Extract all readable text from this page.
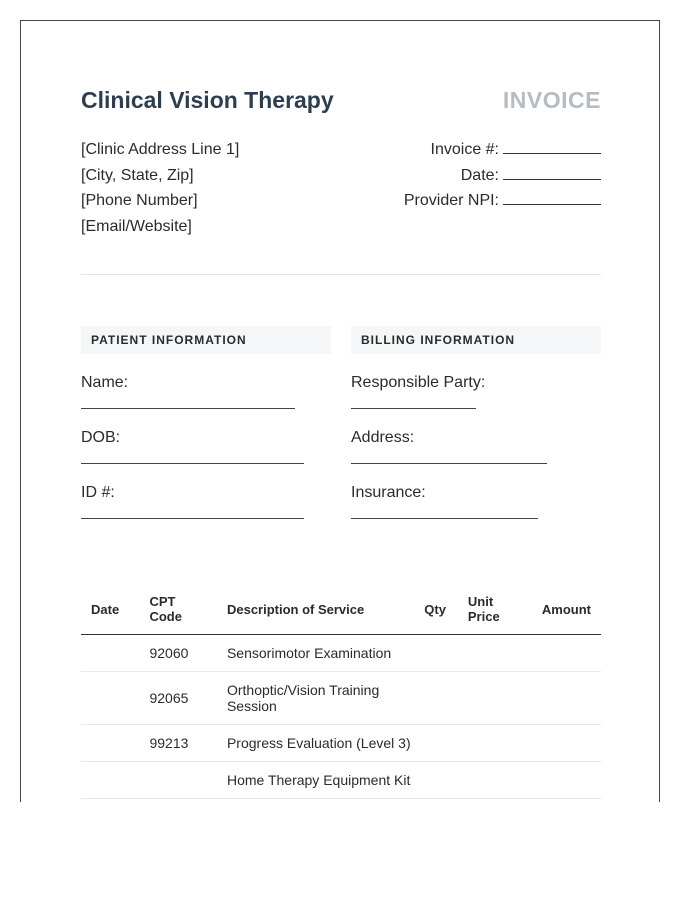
Clinical Vision Therapy	INVOICE
[Clinic Address Line 1]
[City, State, Zip]
[Phone Number]
[Email/Website]
Invoice #:
Date:
Provider NPI:
PATIENT INFORMATION
Name:
DOB:
ID #:
BILLING INFORMATION
Responsible Party:
Address:
Insurance:
Date	CPT Code	Description of Service	Qty	Unit Price	Amount
	92060	Sensorimotor Examination			
	92065	Orthoptic/Vision Training Session			
	99213	Progress Evaluation (Level 3)			
		Home Therapy Equipment Kit			
